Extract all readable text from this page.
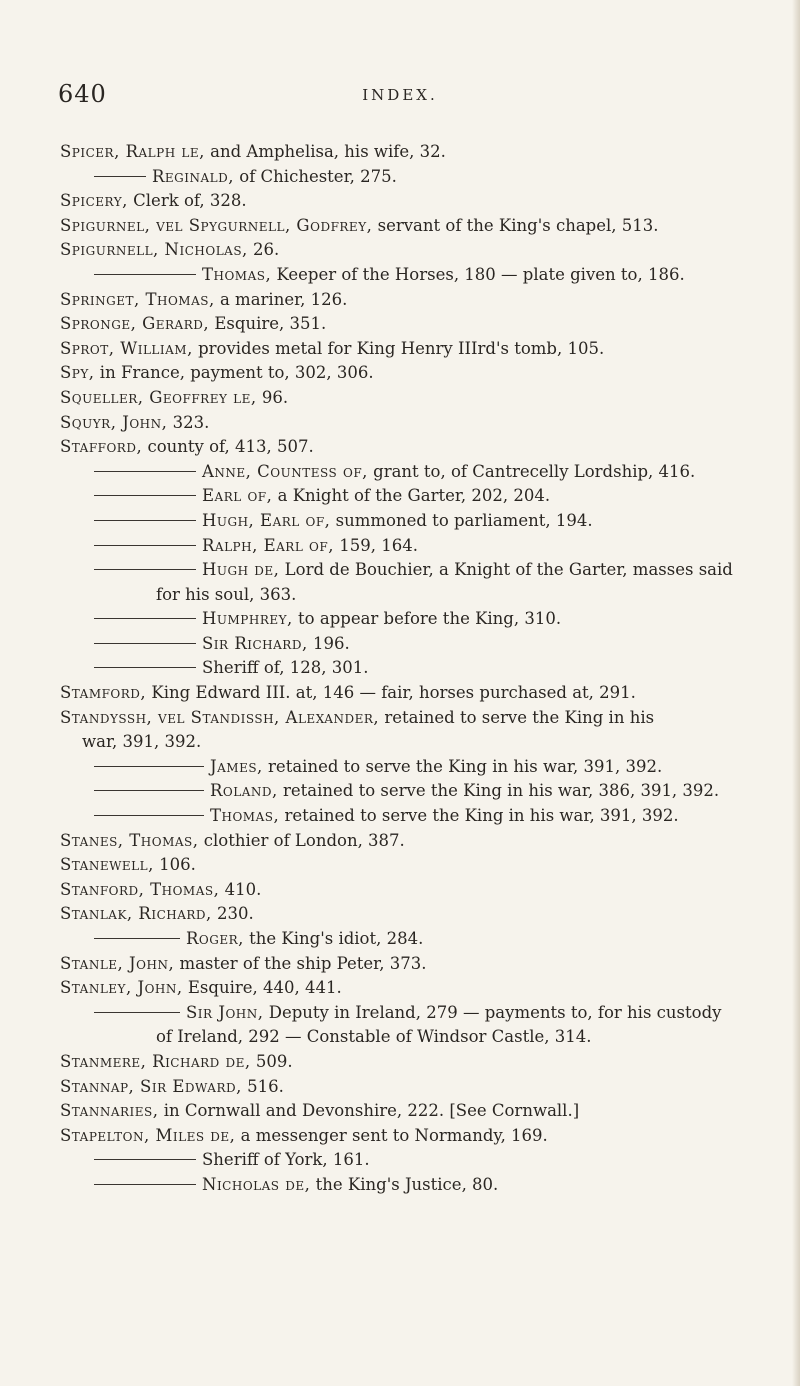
640	INDEX.
Spicer, Ralph le, and Amphelisa, his wife, 32.
Reginald, of Chichester, 275.
Spicery, Clerk of, 328.
Spigurnel, vel Spygurnell, Godfrey, servant of the King's chapel, 513.
Spigurnell, Nicholas, 26.
Thomas, Keeper of the Horses, 180 — plate given to, 186.
Springet, Thomas, a mariner, 126.
Spronge, Gerard, Esquire, 351.
Sprot, William, provides metal for King Henry IIIrd's tomb, 105.
Spy, in France, payment to, 302, 306.
Squeller, Geoffrey le, 96.
Squyr, John, 323.
Stafford, county of, 413, 507.
Anne, Countess of, grant to, of Cantrecelly Lordship, 416.
Earl of, a Knight of the Garter, 202, 204.
Hugh, Earl of, summoned to parliament, 194.
Ralph, Earl of, 159, 164.
Hugh de, Lord de Bouchier, a Knight of the Garter, masses said
for his soul, 363.
Humphrey, to appear before the King, 310.
Sir Richard, 196.
Sheriff of, 128, 301.
Stamford, King Edward III. at, 146 — fair, horses purchased at, 291.
Standyssh, vel Standissh, Alexander, retained to serve the King in his
war, 391, 392.
James, retained to serve the King in his war, 391, 392.
Roland, retained to serve the King in his war, 386, 391, 392.
Thomas, retained to serve the King in his war, 391, 392.
Stanes, Thomas, clothier of London, 387.
Stanewell, 106.
Stanford, Thomas, 410.
Stanlak, Richard, 230.
Roger, the King's idiot, 284.
Stanle, John, master of the ship Peter, 373.
Stanley, John, Esquire, 440, 441.
Sir John, Deputy in Ireland, 279 — payments to, for his custody
of Ireland, 292 — Constable of Windsor Castle, 314.
Stanmere, Richard de, 509.
Stannap, Sir Edward, 516.
Stannaries, in Cornwall and Devonshire, 222. [See Cornwall.]
Stapelton, Miles de, a messenger sent to Normandy, 169.
Sheriff of York, 161.
Nicholas de, the King's Justice, 80.
